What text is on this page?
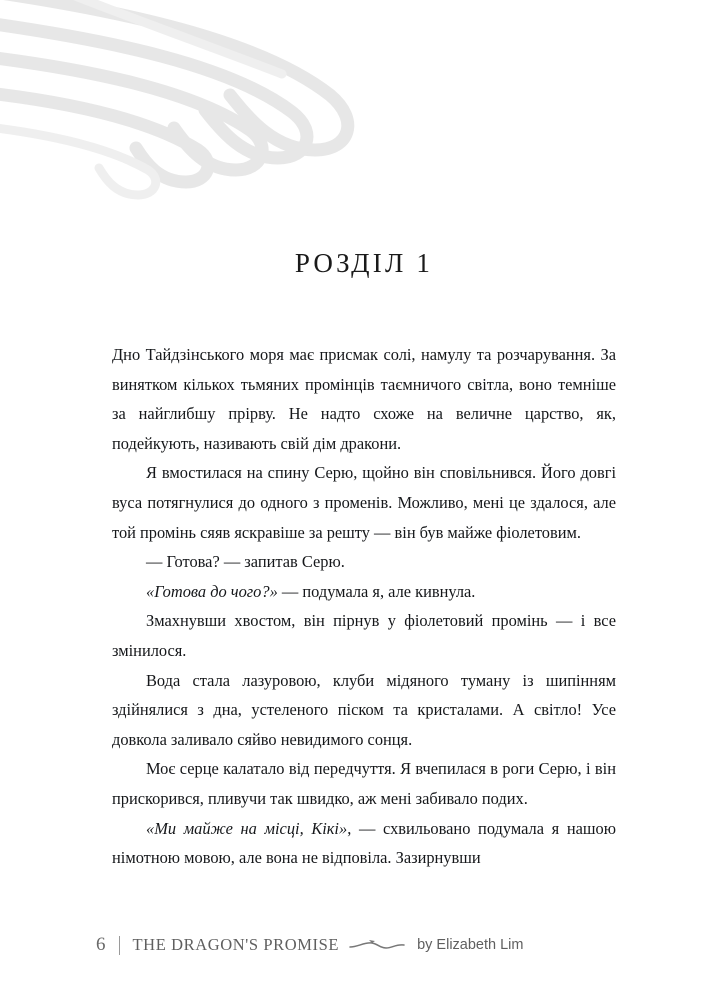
РОЗДІЛ 1

Дно Тайдзінського моря має присмак солі, намулу та розчарування. За винятком кількох тьмяних промінців таємничого світла, воно темніше за найглибшу прірву. Не надто схоже на величне царство, як, подейкують, називають свій дім дракони.

Я вмостилася на спину Серю, щойно він сповільнився. Його довгі вуса потягнулися до одного з променів. Можливо, мені це здалося, але той промінь сяяв яскравіше за решту — він був майже фіолетовим.

— Готова? — запитав Серю.

«Готова до чого?» — подумала я, але кивнула.

Змахнувши хвостом, він пірнув у фіолетовий промінь — і все змінилося.

Вода стала лазуровою, клуби мідяного туману із шипінням здійнялися з дна, устеленого піском та кристалами. А світло! Усе довкола заливало сяйво невидимого сонця.

Моє серце калатало від передчуття. Я вчепилася в роги Серю, і він прискорився, пливучи так швидко, аж мені забивало подих.

«Ми майже на місці, Кікі», — схвильовано подумала я нашою німотною мовою, але вона не відповіла. Зазирнувши

6 THE DRAGON'S PROMISE	by Elizabeth Lim
